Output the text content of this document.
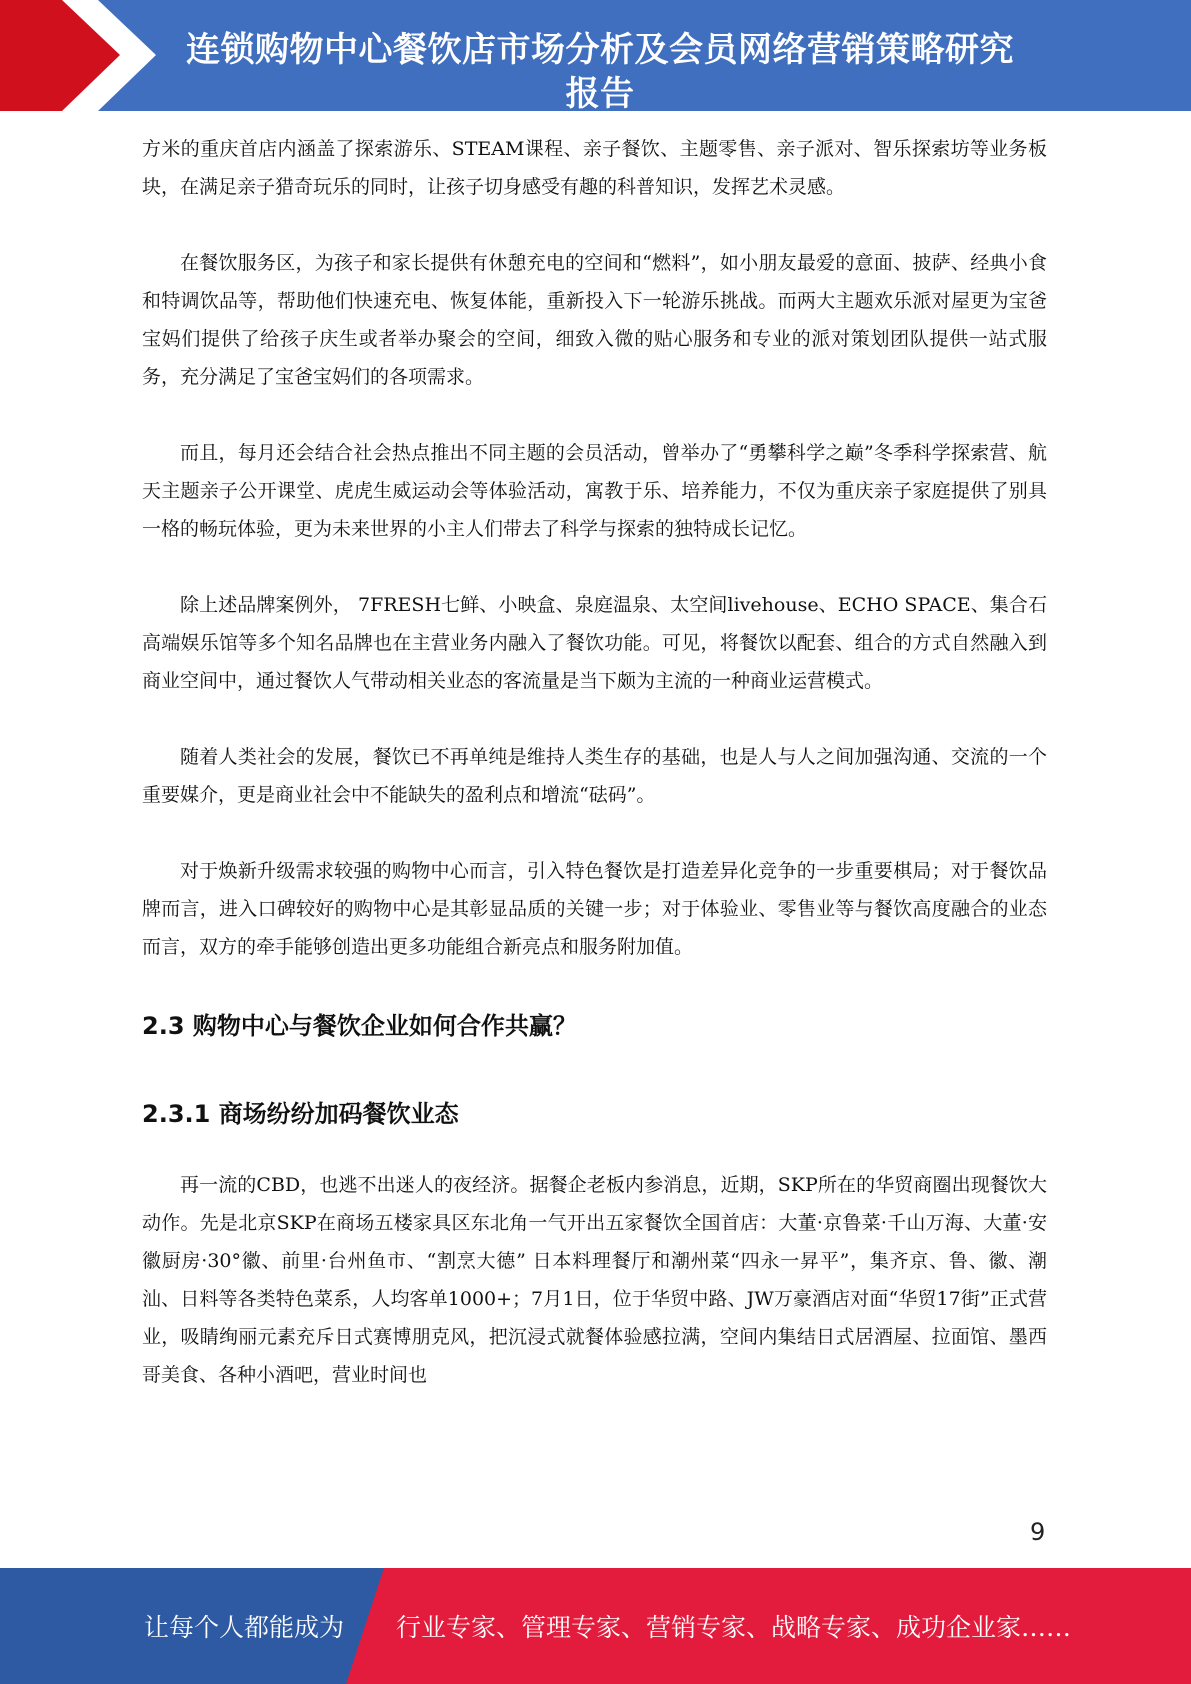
连锁购物中心餐饮店市场分析及会员网络营销策略研究
报告

方米的重庆首店内涵盖了探索游乐、STEAM课程、亲子餐饮、主题零售、亲子派对、智乐探索坊等业务板块，在满足亲子猎奇玩乐的同时，让孩子切身感受有趣的科普知识，发挥艺术灵感。

在餐饮服务区，为孩子和家长提供有休憩充电的空间和“燃料”，如小朋友最爱的意面、披萨、经典小食和特调饮品等，帮助他们快速充电、恢复体能，重新投入下一轮游乐挑战。而两大主题欢乐派对屋更为宝爸宝妈们提供了给孩子庆生或者举办聚会的空间，细致入微的贴心服务和专业的派对策划团队提供一站式服务，充分满足了宝爸宝妈们的各项需求。

而且，每月还会结合社会热点推出不同主题的会员活动，曾举办了“勇攀科学之巅”冬季科学探索营、航天主题亲子公开课堂、虎虎生威运动会等体验活动，寓教于乐、培养能力，不仅为重庆亲子家庭提供了别具一格的畅玩体验，更为未来世界的小主人们带去了科学与探索的独特成长记忆。

除上述品牌案例外， 7FRESH七鲜、小映盒、泉庭温泉、太空间livehouse、ECHO SPACE、集合石高端娱乐馆等多个知名品牌也在主营业务内融入了餐饮功能。可见，将餐饮以配套、组合的方式自然融入到商业空间中，通过餐饮人气带动相关业态的客流量是当下颇为主流的一种商业运营模式。

随着人类社会的发展，餐饮已不再单纯是维持人类生存的基础，也是人与人之间加强沟通、交流的一个重要媒介，更是商业社会中不能缺失的盈利点和增流“砝码”。

对于焕新升级需求较强的购物中心而言，引入特色餐饮是打造差异化竞争的一步重要棋局；对于餐饮品牌而言，进入口碑较好的购物中心是其彰显品质的关键一步；对于体验业、零售业等与餐饮高度融合的业态而言，双方的牵手能够创造出更多功能组合新亮点和服务附加值。

2.3 购物中心与餐饮企业如何合作共赢？
2.3.1 商场纷纷加码餐饮业态

再一流的CBD，也逃不出迷人的夜经济。据餐企老板内参消息，近期，SKP所在的华贸商圈出现餐饮大动作。先是北京SKP在商场五楼家具区东北角一气开出五家餐饮全国首店：大董·京鲁菜·千山万海、大董·安徽厨房·30°徽、前里·台州鱼市、“割烹大德” 日本料理餐厅和潮州菜“四永一昇平”，集齐京、鲁、徽、潮汕、日料等各类特色菜系，人均客单1000+；7月1日，位于华贸中路、JW万豪酒店对面“华贸17街”正式营业，吸睛绚丽元素充斥日式赛博朋克风，把沉浸式就餐体验感拉满，空间内集结日式居酒屋、拉面馆、墨西哥美食、各种小酒吧，营业时间也

9
让每个人都能成为 行业专家、管理专家、营销专家、战略专家、成功企业家……
